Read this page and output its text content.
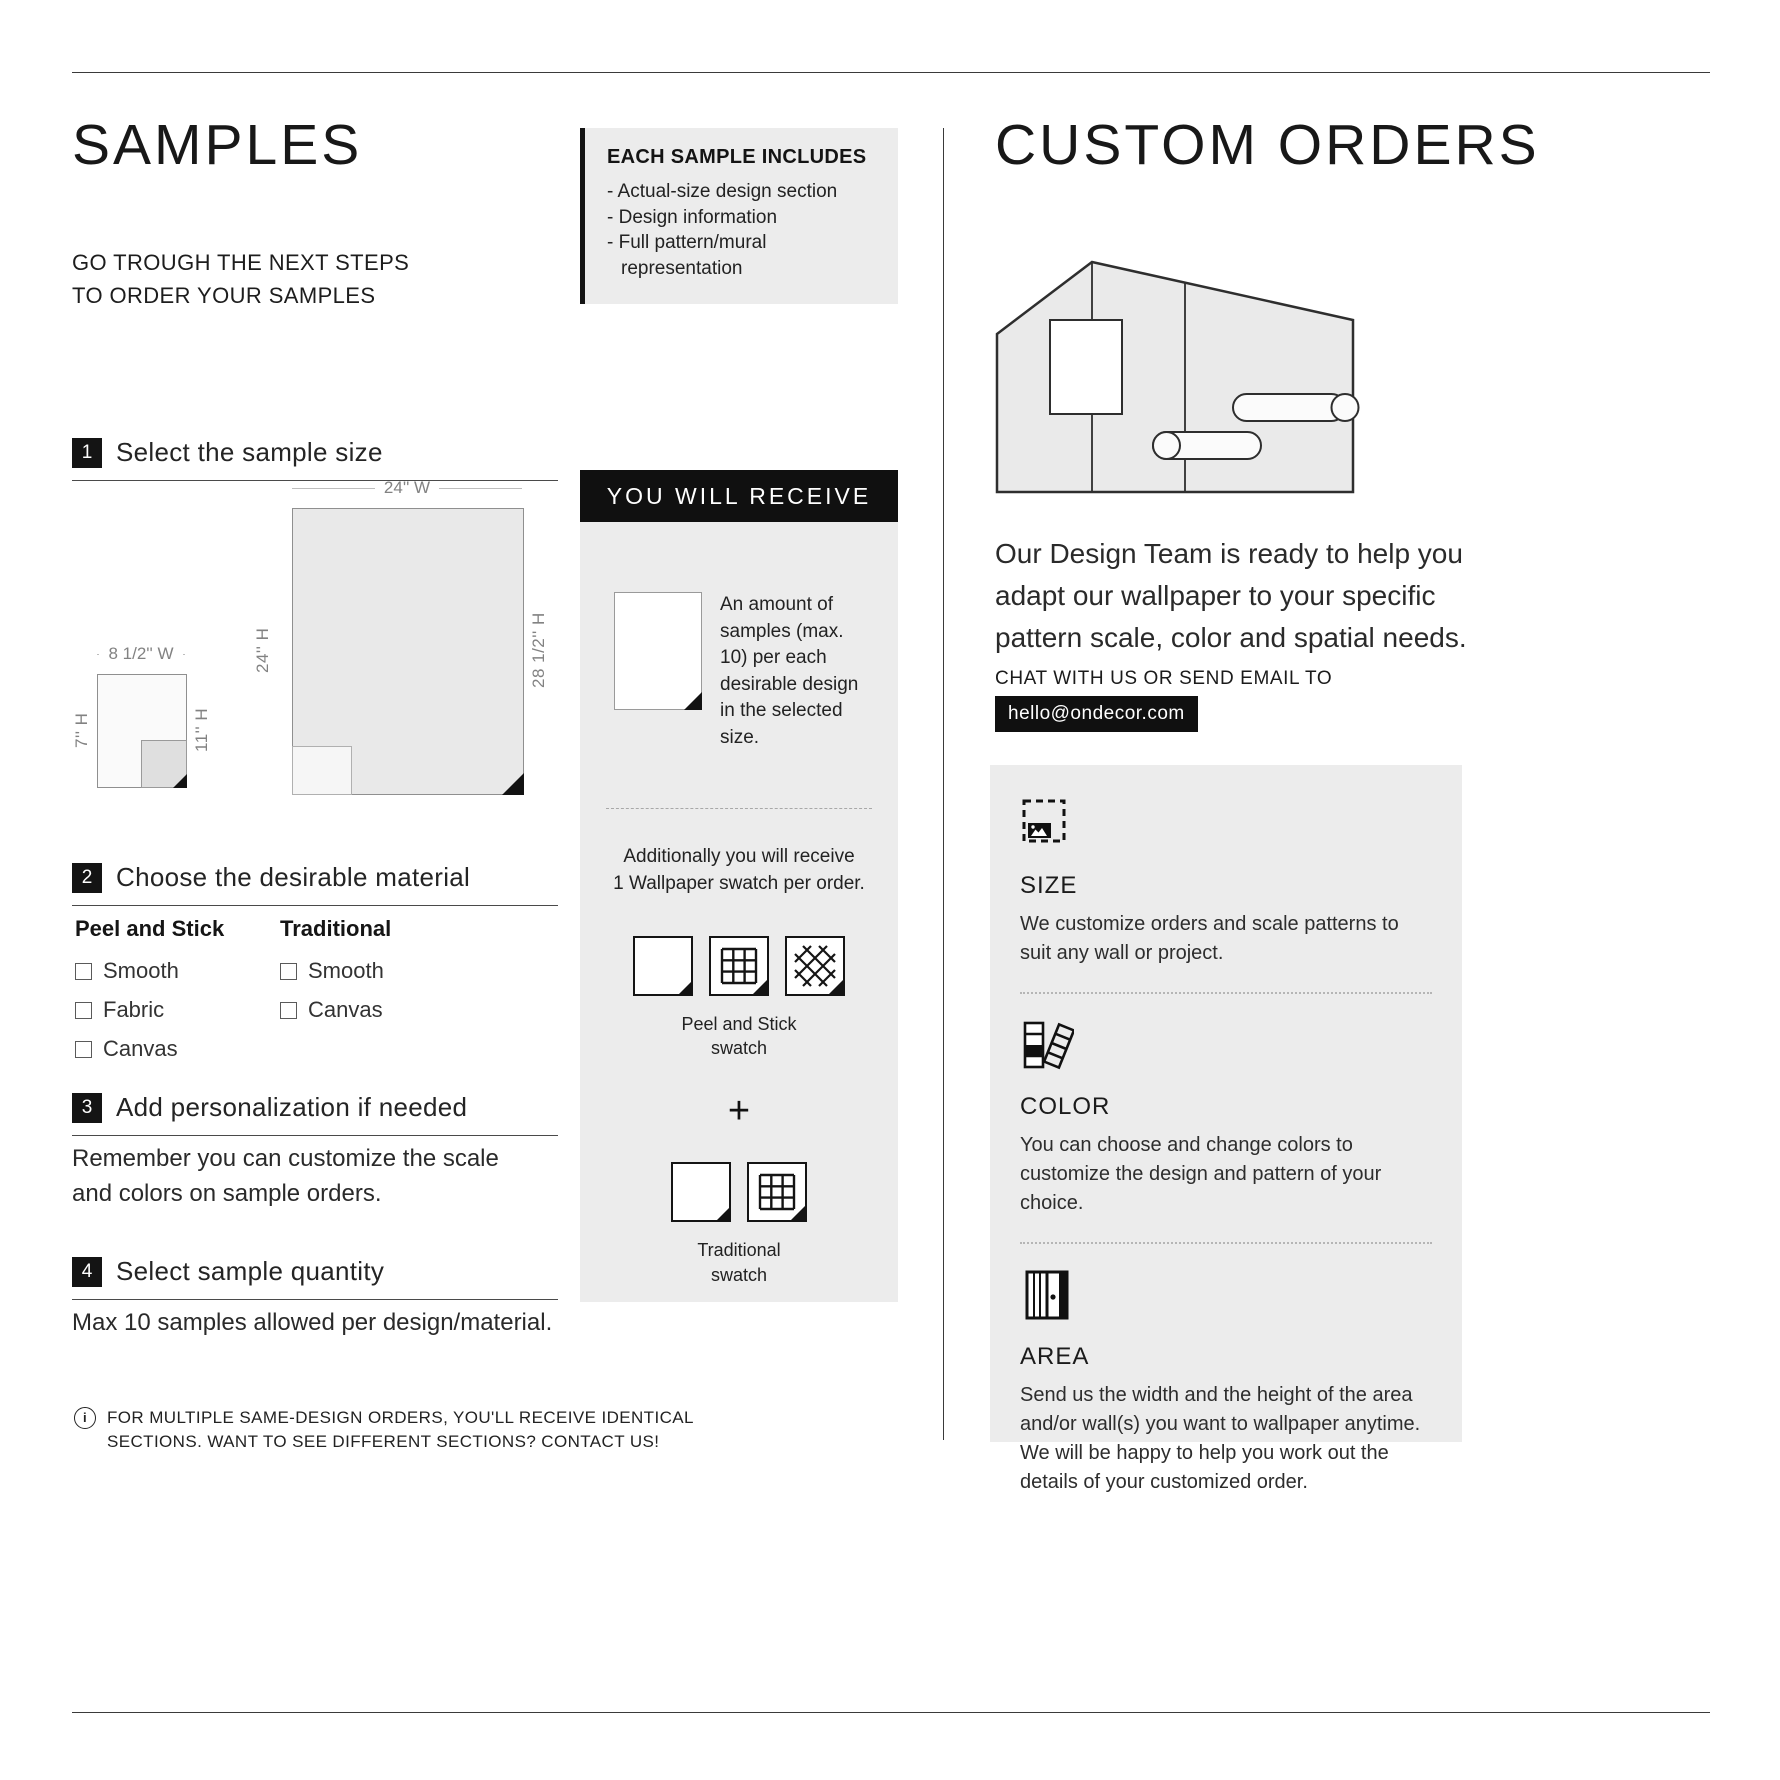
SAMPLES	EACH SAMPLE INCLUDES
- Actual-size design section
- Design information
- Full pattern/mural representation
GO TROUGH THE NEXT STEPS
TO ORDER YOUR SAMPLES
1 Select the sample size
24'' W
24'' H	28 1/2'' H
8 1/2'' W
7'' H	11'' H
2 Choose the desirable material
Peel and Stick
Smooth
Fabric
Canvas
Traditional
Smooth
Canvas
3 Add personalization if needed
Remember you can customize the scale and colors on sample orders.
4 Select sample quantity
Max 10 samples allowed per design/material.
i	FOR MULTIPLE SAME-DESIGN ORDERS, YOU'LL RECEIVE IDENTICAL
SECTIONS. WANT TO SEE DIFFERENT SECTIONS? CONTACT US!
YOU WILL RECEIVE
An amount of samples (max. 10) per each desirable design in the selected size.
Additionally you will receive
1 Wallpaper swatch per order.
Peel and Stick
swatch
+
Traditional
swatch
CUSTOM ORDERS
Our Design Team is ready to help you adapt our wallpaper to your specific pattern scale, color and spatial needs.
CHAT WITH US OR SEND EMAIL TO
hello@ondecor.com
SIZE
We customize orders and scale patterns to suit any wall or project.
COLOR
You can choose and change colors to customize the design and pattern of your choice.
AREA
Send us the width and the height of the area and/or wall(s) you want to wallpaper anytime. We will be happy to help you work out the details of your customized order.
